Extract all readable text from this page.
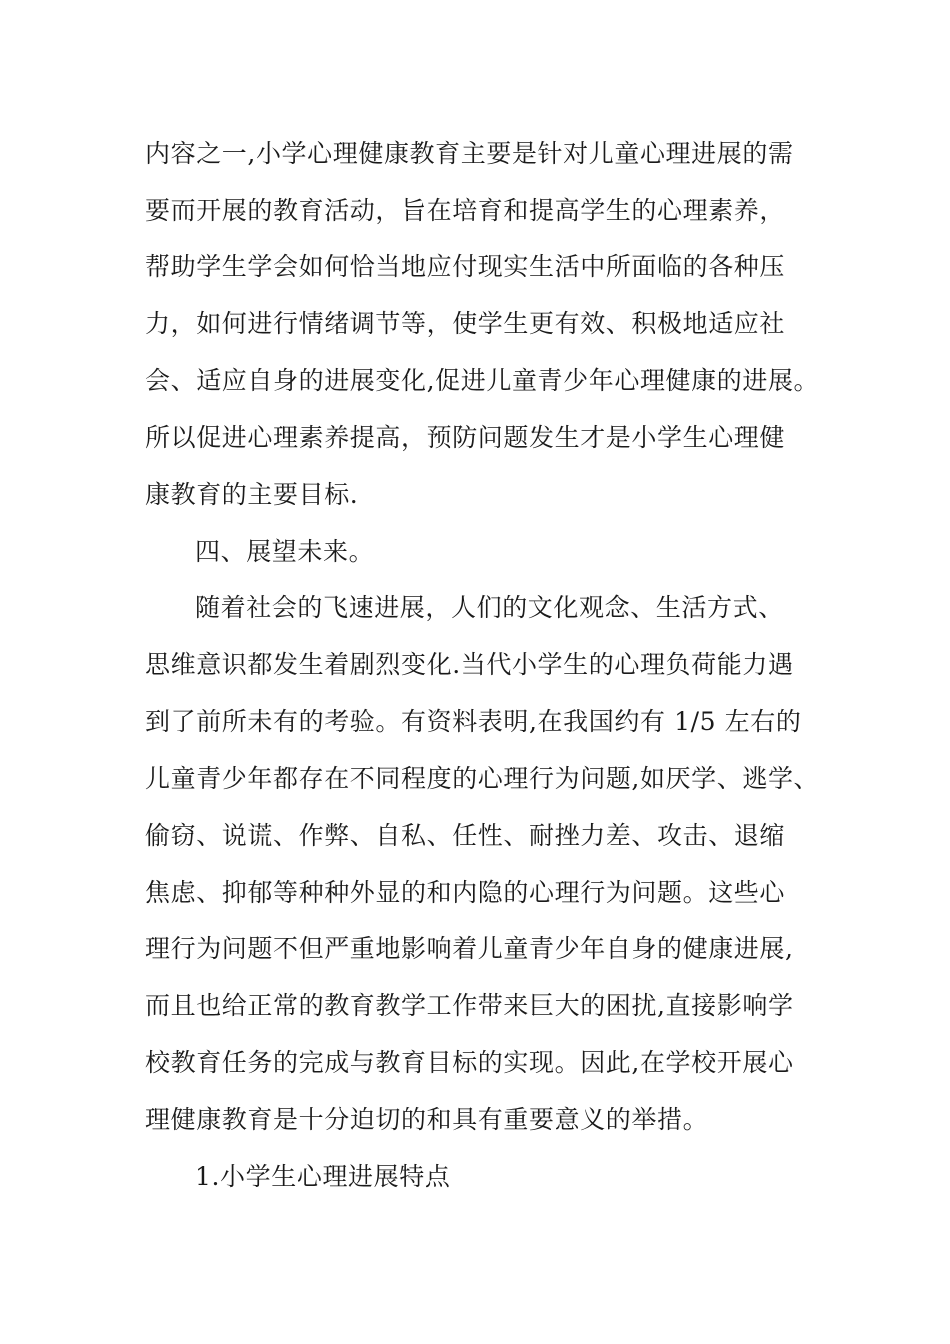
内容之一,小学心理健康教育主要是针对儿童心理进展的需
要而开展的教育活动，旨在培育和提高学生的心理素养，
帮助学生学会如何恰当地应付现实生活中所面临的各种压
力，如何进行情绪调节等，使学生更有效、积极地适应社
会、适应自身的进展变化,促进儿童青少年心理健康的进展。
所以促进心理素养提高，预防问题发生才是小学生心理健
康教育的主要目标.
四、展望未来。
随着社会的飞速进展，人们的文化观念、生活方式、
思维意识都发生着剧烈变化.当代小学生的心理负荷能力遇
到了前所未有的考验。有资料表明,在我国约有 1/5 左右的
儿童青少年都存在不同程度的心理行为问题,如厌学、逃学、
偷窃、说谎、作弊、自私、任性、耐挫力差、攻击、退缩
焦虑、抑郁等种种外显的和内隐的心理行为问题。这些心
理行为问题不但严重地影响着儿童青少年自身的健康进展,
而且也给正常的教育教学工作带来巨大的困扰,直接影响学
校教育任务的完成与教育目标的实现。因此,在学校开展心
理健康教育是十分迫切的和具有重要意义的举措。
1.小学生心理进展特点
